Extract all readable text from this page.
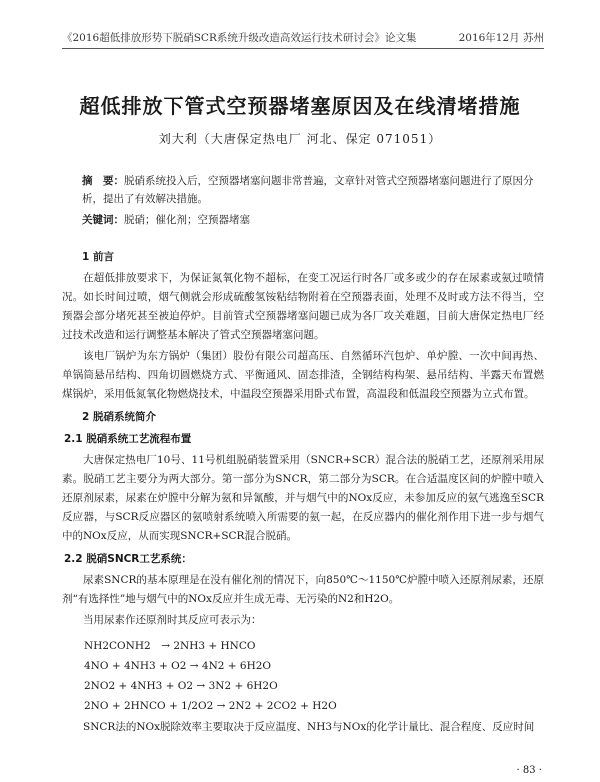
《2016超低排放形势下脱硝SCR系统升级改造高效运行技术研讨会》论文集	2016年12月 苏州
超低排放下管式空预器堵塞原因及在线清堵措施
刘大利（大唐保定热电厂 河北、保定 071051）
摘　要：脱硝系统投入后，空预器堵塞问题非常普遍，文章针对管式空预器堵塞问题进行了原因分析，提出了有效解决措施。
关键词：脱硝；催化剂；空预器堵塞
1 前言

在超低排放要求下，为保证氮氧化物不超标，在变工况运行时各厂或多或少的存在尿素或氨过喷情况。如长时间过喷，烟气侧就会形成硫酸氢铵粘结物附着在空预器表面，处理不及时或方法不得当，空预器会部分堵死甚至被迫停炉。目前管式空预器堵塞问题已成为各厂攻关难题，目前大唐保定热电厂经过技术改造和运行调整基本解决了管式空预器堵塞问题。

该电厂锅炉为东方锅炉（集团）股份有限公司超高压、自然循环汽包炉、单炉膛、一次中间再热、单锅筒悬吊结构、四角切圆燃烧方式、平衡通风、固态排渣，全钢结构构架、悬吊结构、半露天布置燃煤锅炉，采用低氮氧化物燃烧技术，中温段空预器采用卧式布置，高温段和低温段空预器为立式布置。

2 脱硝系统简介
2.1 脱硝系统工艺流程布置

大唐保定热电厂10号、11号机组脱硝装置采用（SNCR+SCR）混合法的脱硝工艺，还原剂采用尿素。脱硝工艺主要分为两大部分。第一部分为SNCR，第二部分为SCR。在合适温度区间的炉膛中喷入还原剂尿素，尿素在炉膛中分解为氨和异氰酸，并与烟气中的NOx反应，未参加反应的氨气逃逸至SCR反应器，与SCR反应器区的氨喷射系统喷入所需要的氨一起，在反应器内的催化剂作用下进一步与烟气中的NOx反应，从而实现SNCR+SCR混合脱硝。

2.2 脱硝SNCR工艺系统：

尿素SNCR的基本原理是在没有催化剂的情况下，向850℃～1150℃炉膛中喷入还原剂尿素，还原剂“有选择性”地与烟气中的NOx反应并生成无毒、无污染的N2和H2O。

当用尿素作还原剂时其反应可表示为：

NH2CONH2　→ 2NH3 + HNCO
4NO + 4NH3 + O2 → 4N2 + 6H2O
2NO2 + 4NH3 + O2 → 3N2 + 6H2O
2NO + 2HNCO + 1/2O2 → 2N2 + 2CO2 + H2O

SNCR法的NOx脱除效率主要取决于反应温度、NH3与NOx的化学计量比、混合程度、反应时间

· 83 ·
